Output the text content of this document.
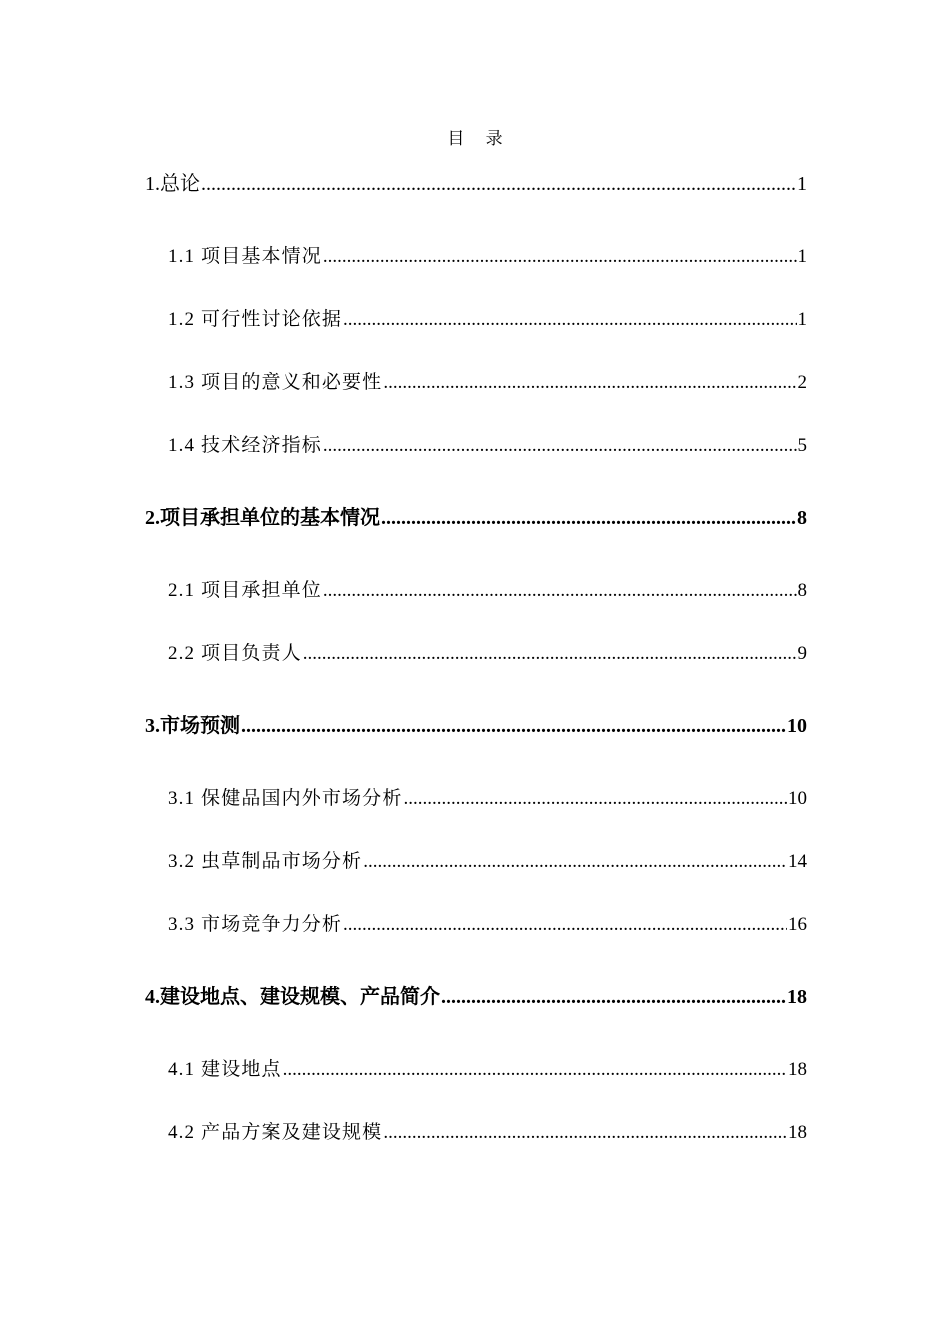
目 录
1.总论 .....	1
1.1 项目基本情况 .....	1
1.2 可行性讨论依据 .....	1
1.3 项目的意义和必要性 .....	2
1.4 技术经济指标 .....	5
2.项目承担单位的基本情况 .....	8
2.1 项目承担单位 .....	8
2.2 项目负责人 .....	9
3.市场预测 .....	10
3.1 保健品国内外市场分析 .....	10
3.2 虫草制品市场分析 .....	14
3.3 市场竞争力分析 .....	16
4.建设地点、建设规模、产品简介 .....	18
4.1 建设地点 .....	18
4.2 产品方案及建设规模 .....	18
